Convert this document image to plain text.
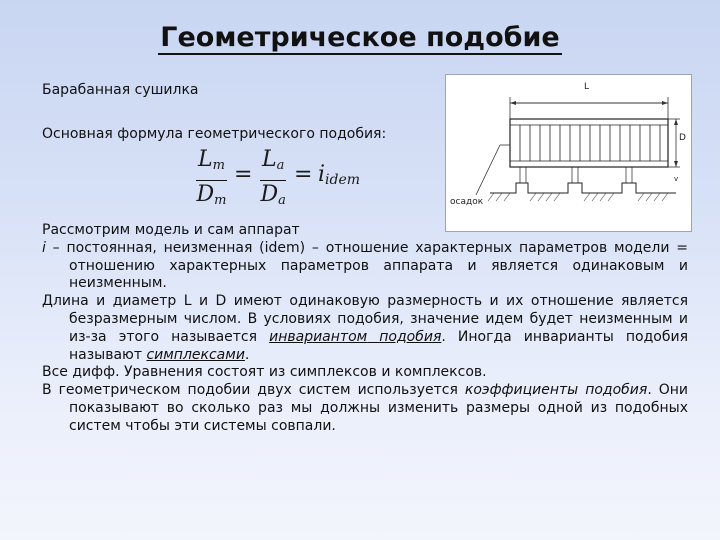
Геометрическое подобие
Барабанная сушилка
Основная формула геометрического подобия:
$\frac{L_m}{D_m} = \frac{L_a}{D_a} = i_{idem}$
L
D
осадок
v
Рассмотрим модель и сам аппарат
i – постоянная, неизменная (idem) – отношение характерных параметров модели = отношению характерных параметров аппарата и является одинаковым и неизменным.
Длина и диаметр L и D имеют одинаковую размерность и их отношение является безразмерным числом. В условиях подобия, значение идем будет неизменным и из-за этого называется инвариантом подобия. Иногда инварианты подобия называют симплексами.
Все дифф. Уравнения состоят из симплексов и комплексов.
В геометрическом подобии двух систем используется коэффициенты подобия. Они показывают во сколько раз мы должны изменить размеры одной из подобных систем чтобы эти системы совпали.
